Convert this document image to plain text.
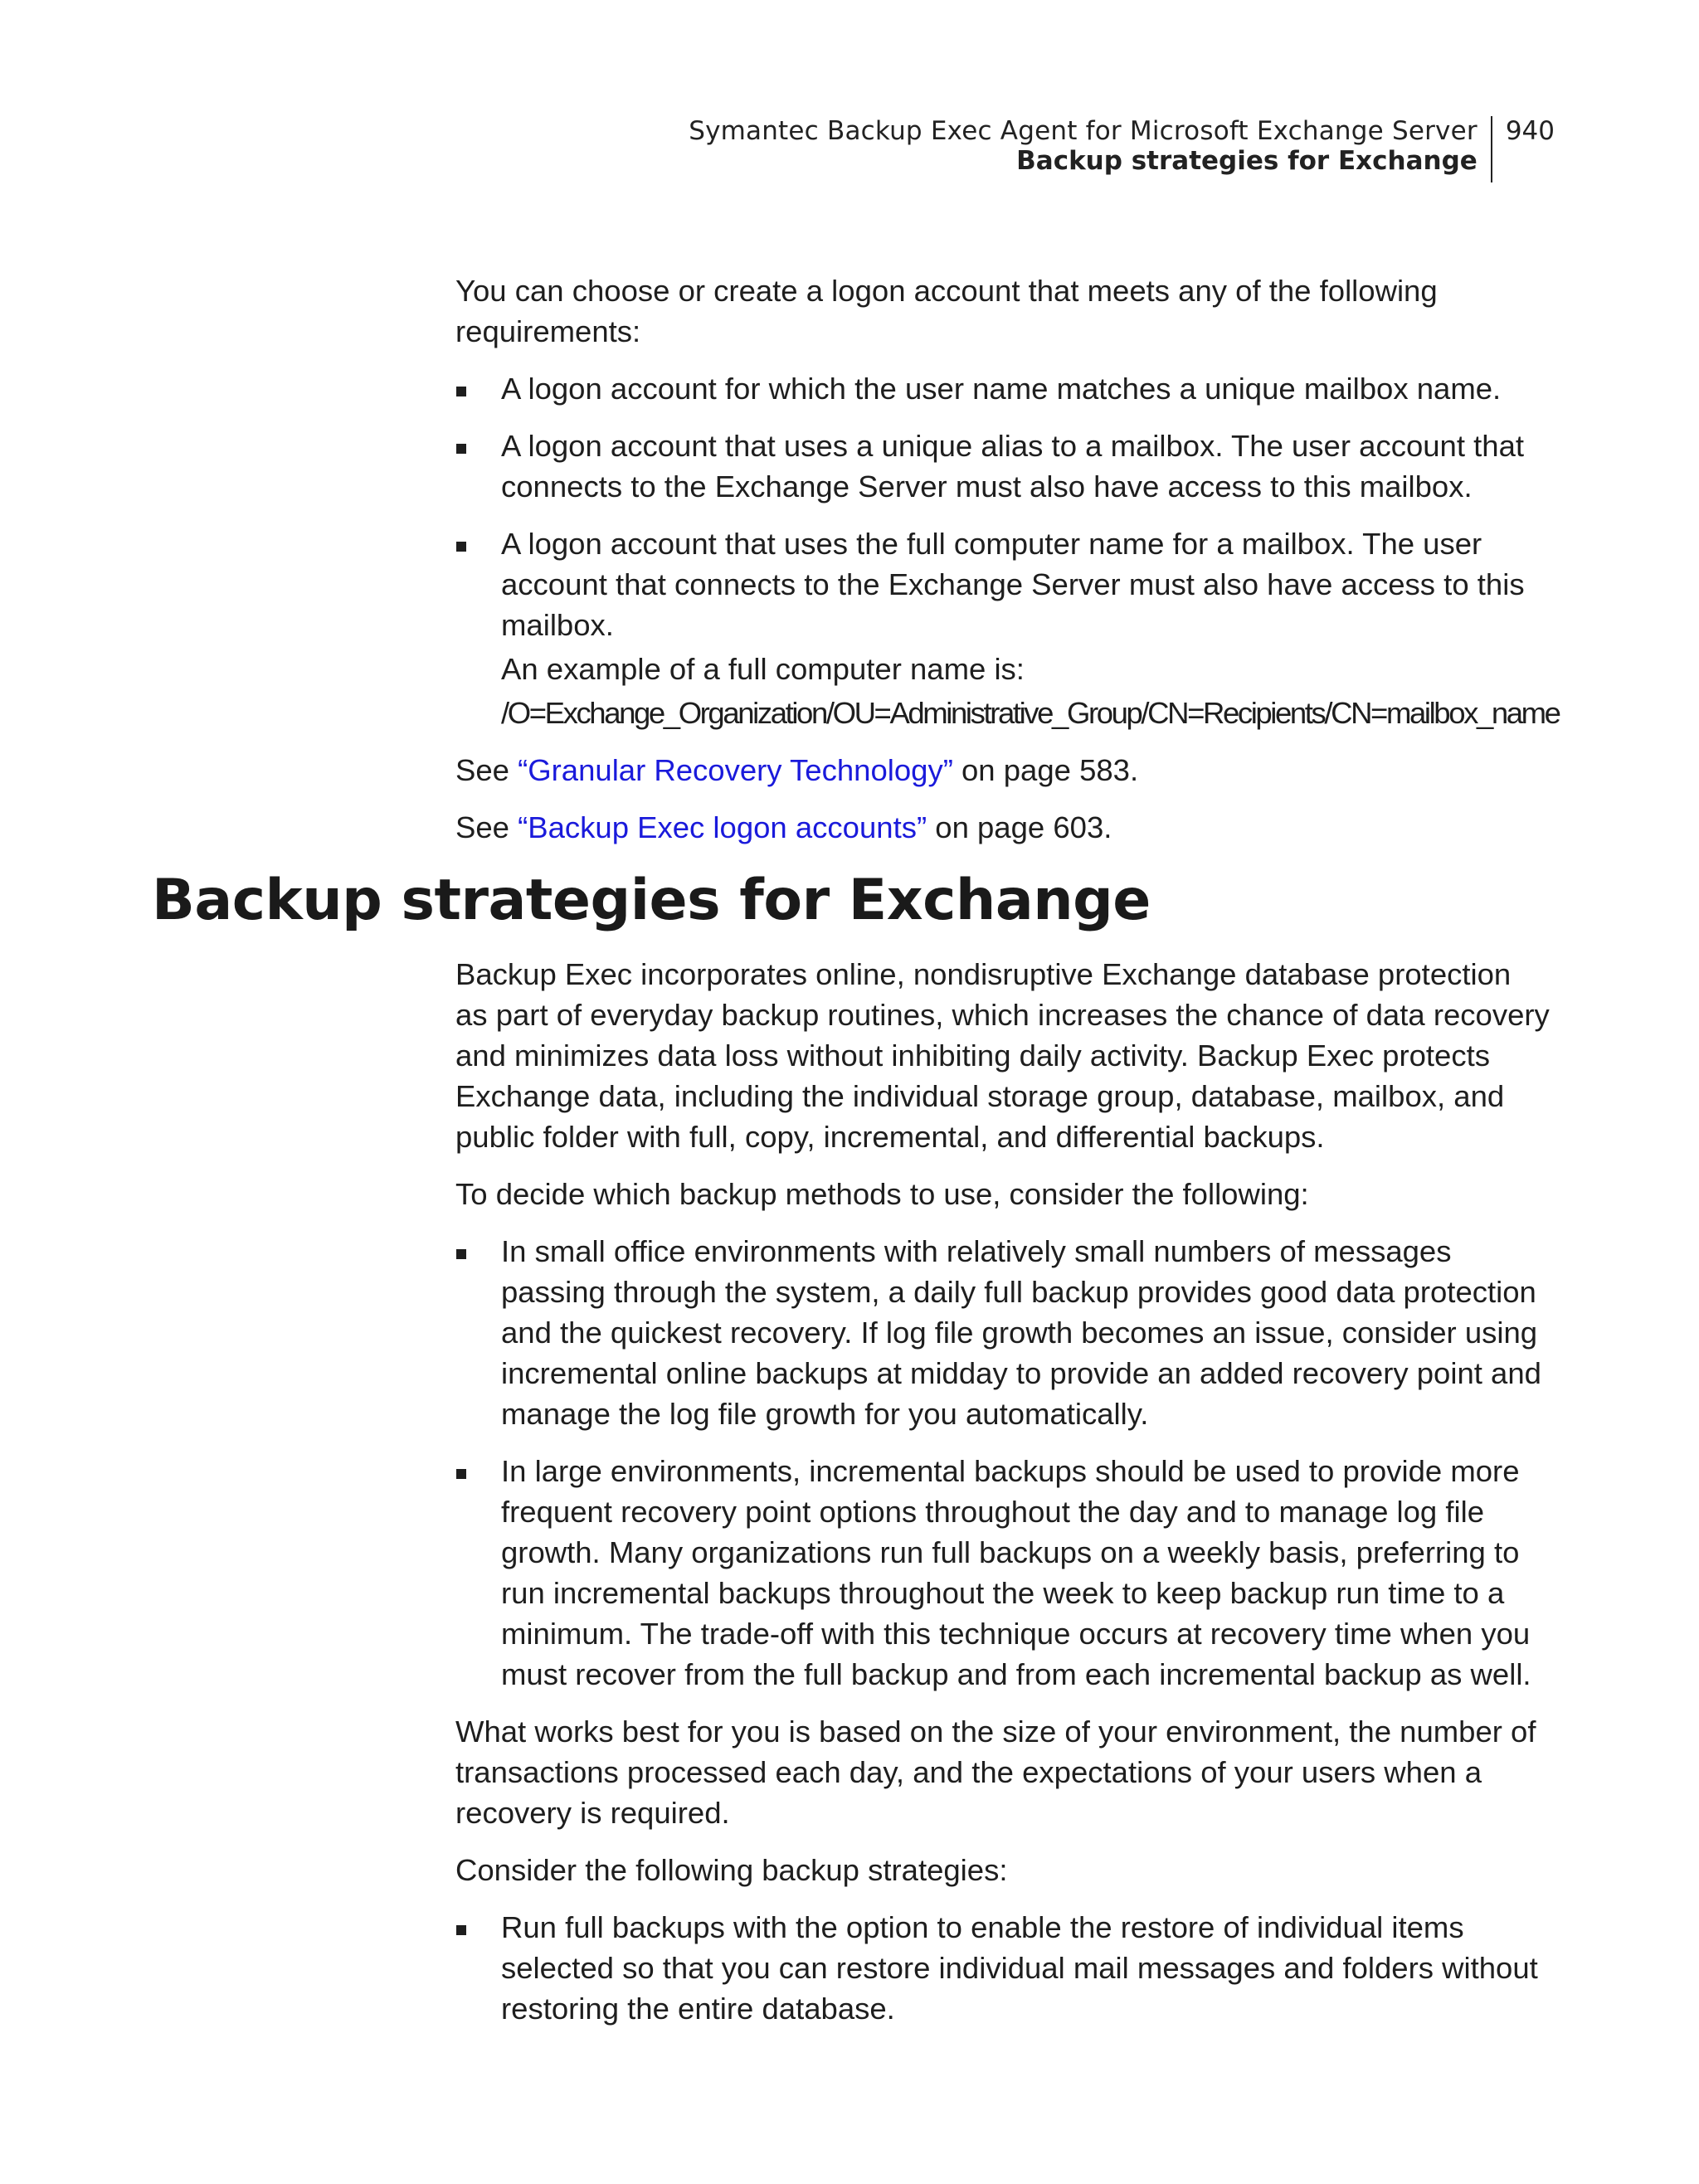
Symantec Backup Exec Agent for Microsoft Exchange Server
Backup strategies for Exchange
940

You can choose or create a logon account that meets any of the following requirements:

A logon account for which the user name matches a unique mailbox name.
A logon account that uses a unique alias to a mailbox. The user account that connects to the Exchange Server must also have access to this mailbox.
A logon account that uses the full computer name for a mailbox. The user account that connects to the Exchange Server must also have access to this mailbox.
An example of a full computer name is:
/O=Exchange_Organization/OU=Administrative_Group/CN=Recipients/CN=mailbox_name

See “Granular Recovery Technology” on page 583.

See “Backup Exec logon accounts” on page 603.

Backup strategies for Exchange

Backup Exec incorporates online, nondisruptive Exchange database protection as part of everyday backup routines, which increases the chance of data recovery and minimizes data loss without inhibiting daily activity. Backup Exec protects Exchange data, including the individual storage group, database, mailbox, and public folder with full, copy, incremental, and differential backups.

To decide which backup methods to use, consider the following:

In small office environments with relatively small numbers of messages passing through the system, a daily full backup provides good data protection and the quickest recovery. If log file growth becomes an issue, consider using incremental online backups at midday to provide an added recovery point and manage the log file growth for you automatically.
In large environments, incremental backups should be used to provide more frequent recovery point options throughout the day and to manage log file growth. Many organizations run full backups on a weekly basis, preferring to run incremental backups throughout the week to keep backup run time to a minimum. The trade-off with this technique occurs at recovery time when you must recover from the full backup and from each incremental backup as well.

What works best for you is based on the size of your environment, the number of transactions processed each day, and the expectations of your users when a recovery is required.

Consider the following backup strategies:

Run full backups with the option to enable the restore of individual items selected so that you can restore individual mail messages and folders without restoring the entire database.
